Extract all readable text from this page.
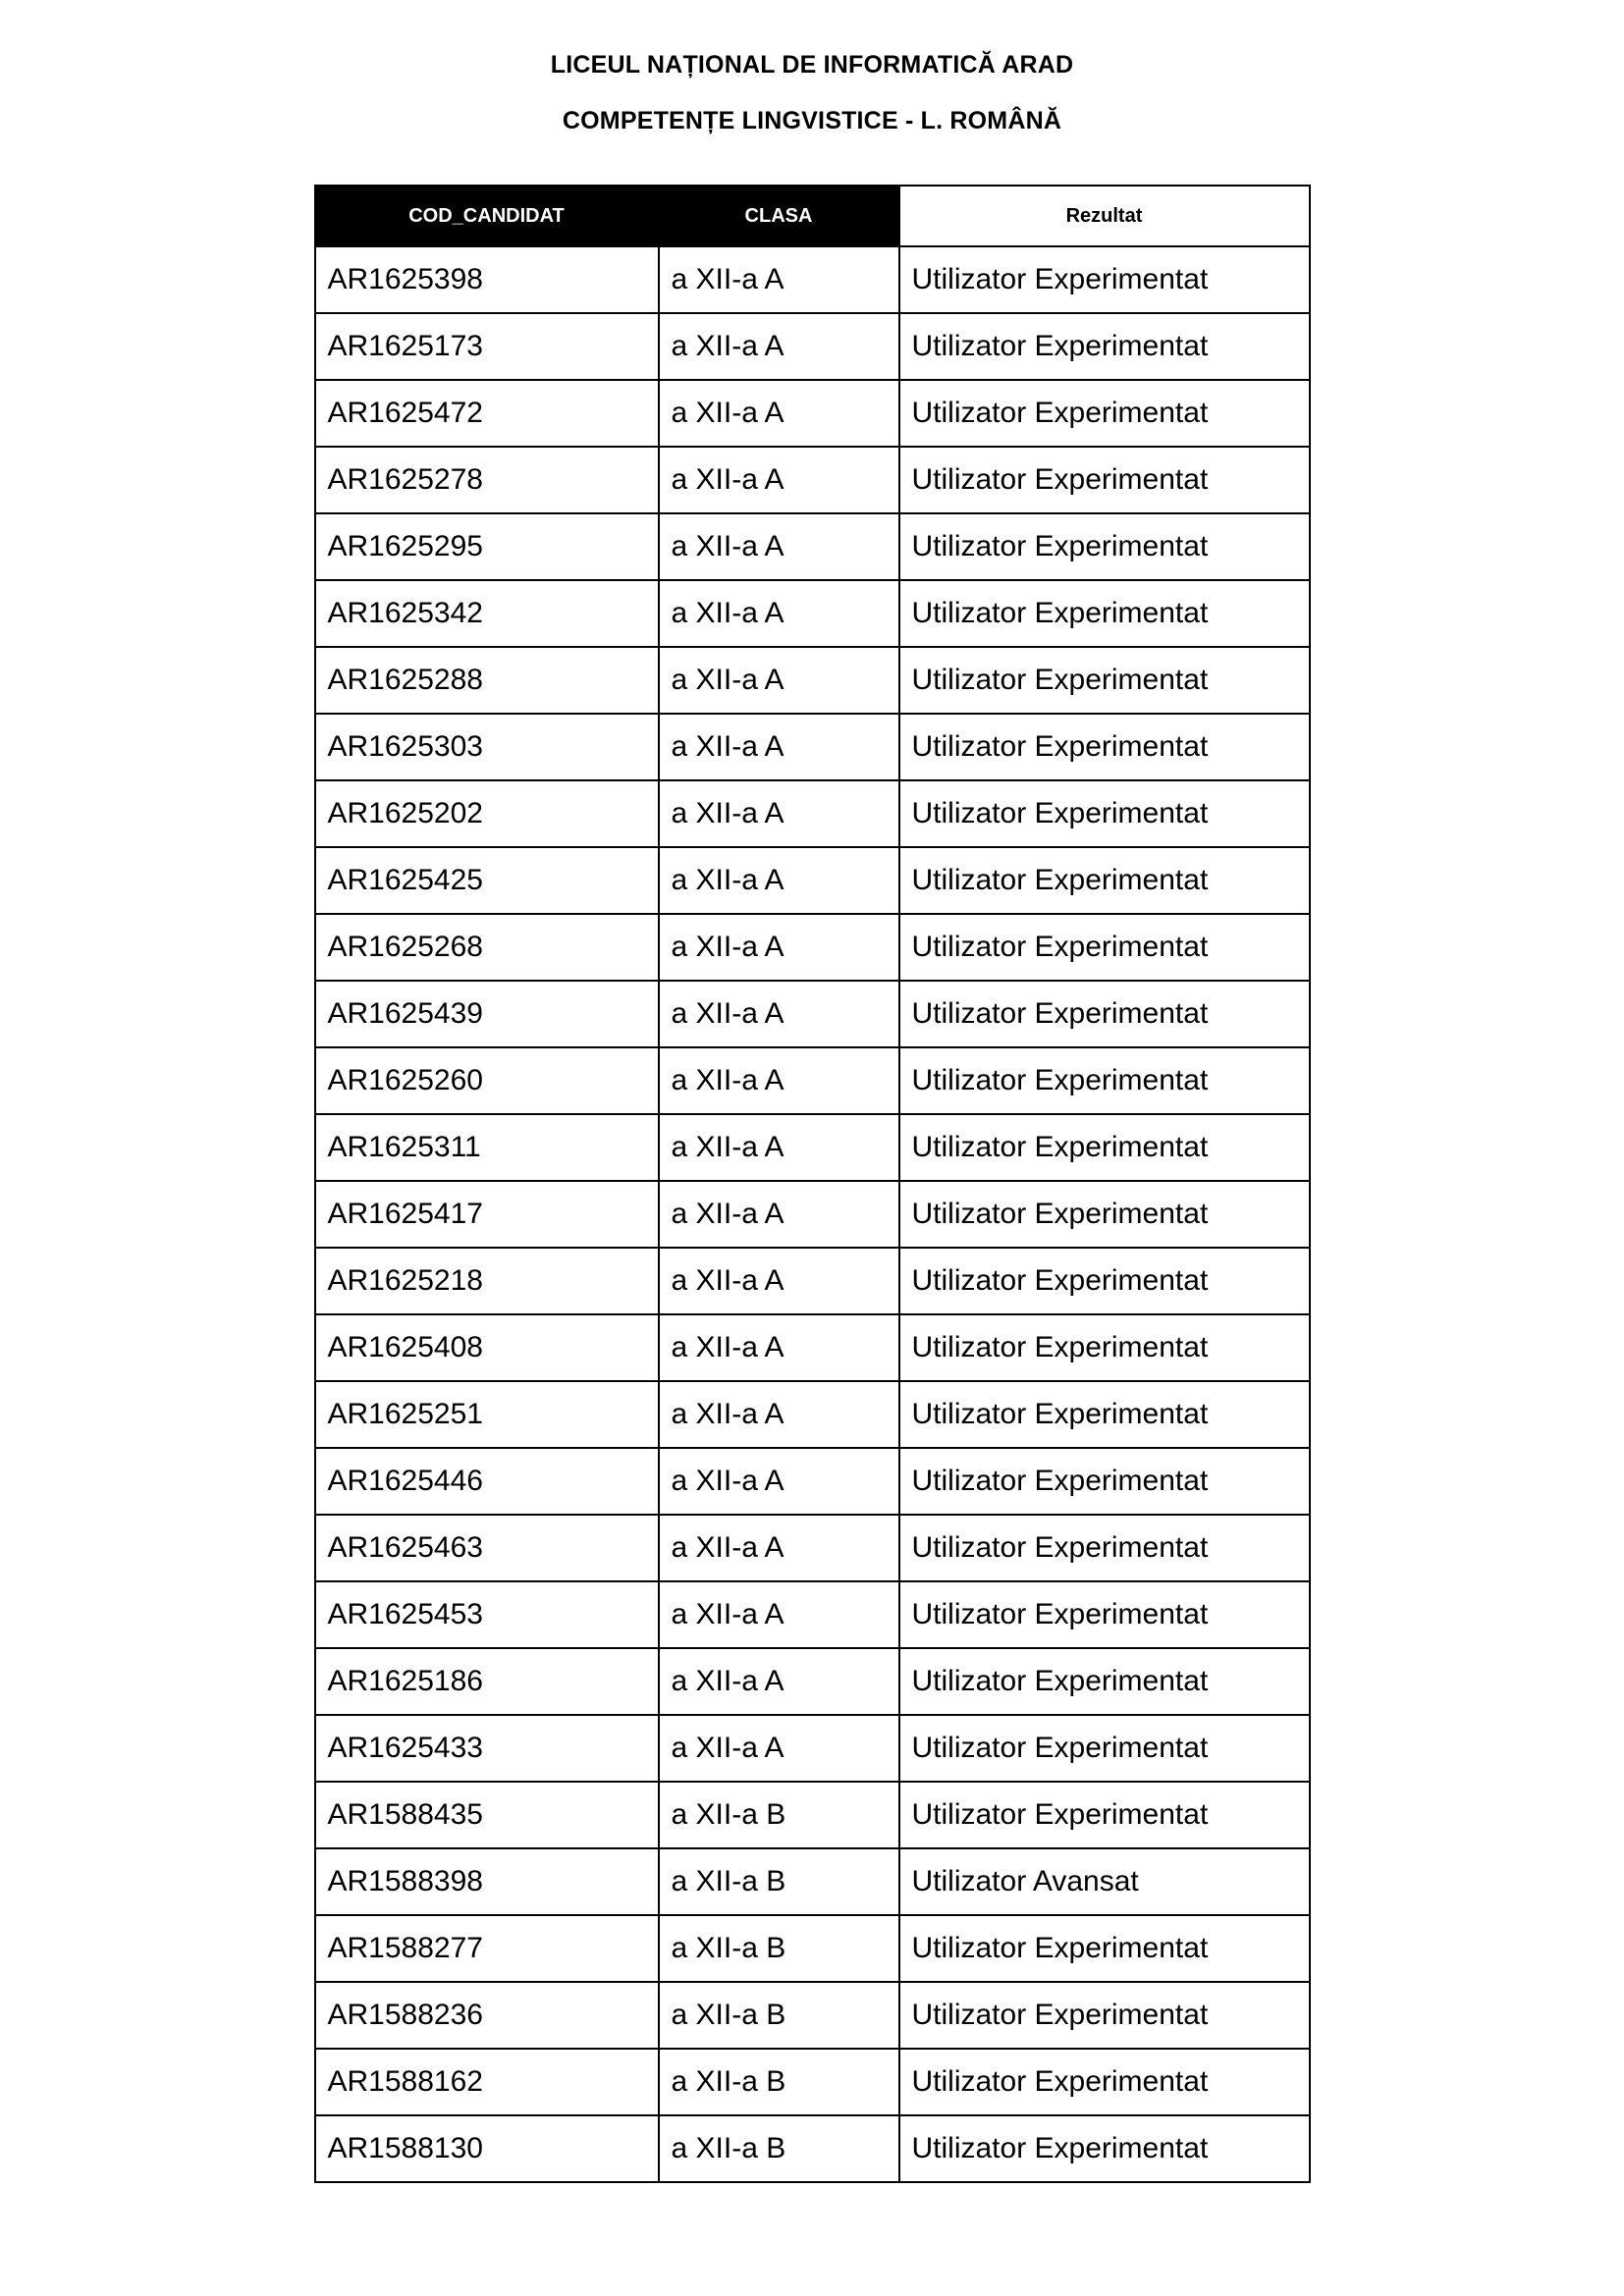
LICEUL NAȚIONAL DE INFORMATICĂ ARAD
COMPETENȚE LINGVISTICE - L. ROMÂNĂ
COD_CANDIDAT	CLASA	Rezultat
AR1625398	a XII-a A	Utilizator Experimentat
AR1625173	a XII-a A	Utilizator Experimentat
AR1625472	a XII-a A	Utilizator Experimentat
AR1625278	a XII-a A	Utilizator Experimentat
AR1625295	a XII-a A	Utilizator Experimentat
AR1625342	a XII-a A	Utilizator Experimentat
AR1625288	a XII-a A	Utilizator Experimentat
AR1625303	a XII-a A	Utilizator Experimentat
AR1625202	a XII-a A	Utilizator Experimentat
AR1625425	a XII-a A	Utilizator Experimentat
AR1625268	a XII-a A	Utilizator Experimentat
AR1625439	a XII-a A	Utilizator Experimentat
AR1625260	a XII-a A	Utilizator Experimentat
AR1625311	a XII-a A	Utilizator Experimentat
AR1625417	a XII-a A	Utilizator Experimentat
AR1625218	a XII-a A	Utilizator Experimentat
AR1625408	a XII-a A	Utilizator Experimentat
AR1625251	a XII-a A	Utilizator Experimentat
AR1625446	a XII-a A	Utilizator Experimentat
AR1625463	a XII-a A	Utilizator Experimentat
AR1625453	a XII-a A	Utilizator Experimentat
AR1625186	a XII-a A	Utilizator Experimentat
AR1625433	a XII-a A	Utilizator Experimentat
AR1588435	a XII-a B	Utilizator Experimentat
AR1588398	a XII-a B	Utilizator Avansat
AR1588277	a XII-a B	Utilizator Experimentat
AR1588236	a XII-a B	Utilizator Experimentat
AR1588162	a XII-a B	Utilizator Experimentat
AR1588130	a XII-a B	Utilizator Experimentat
